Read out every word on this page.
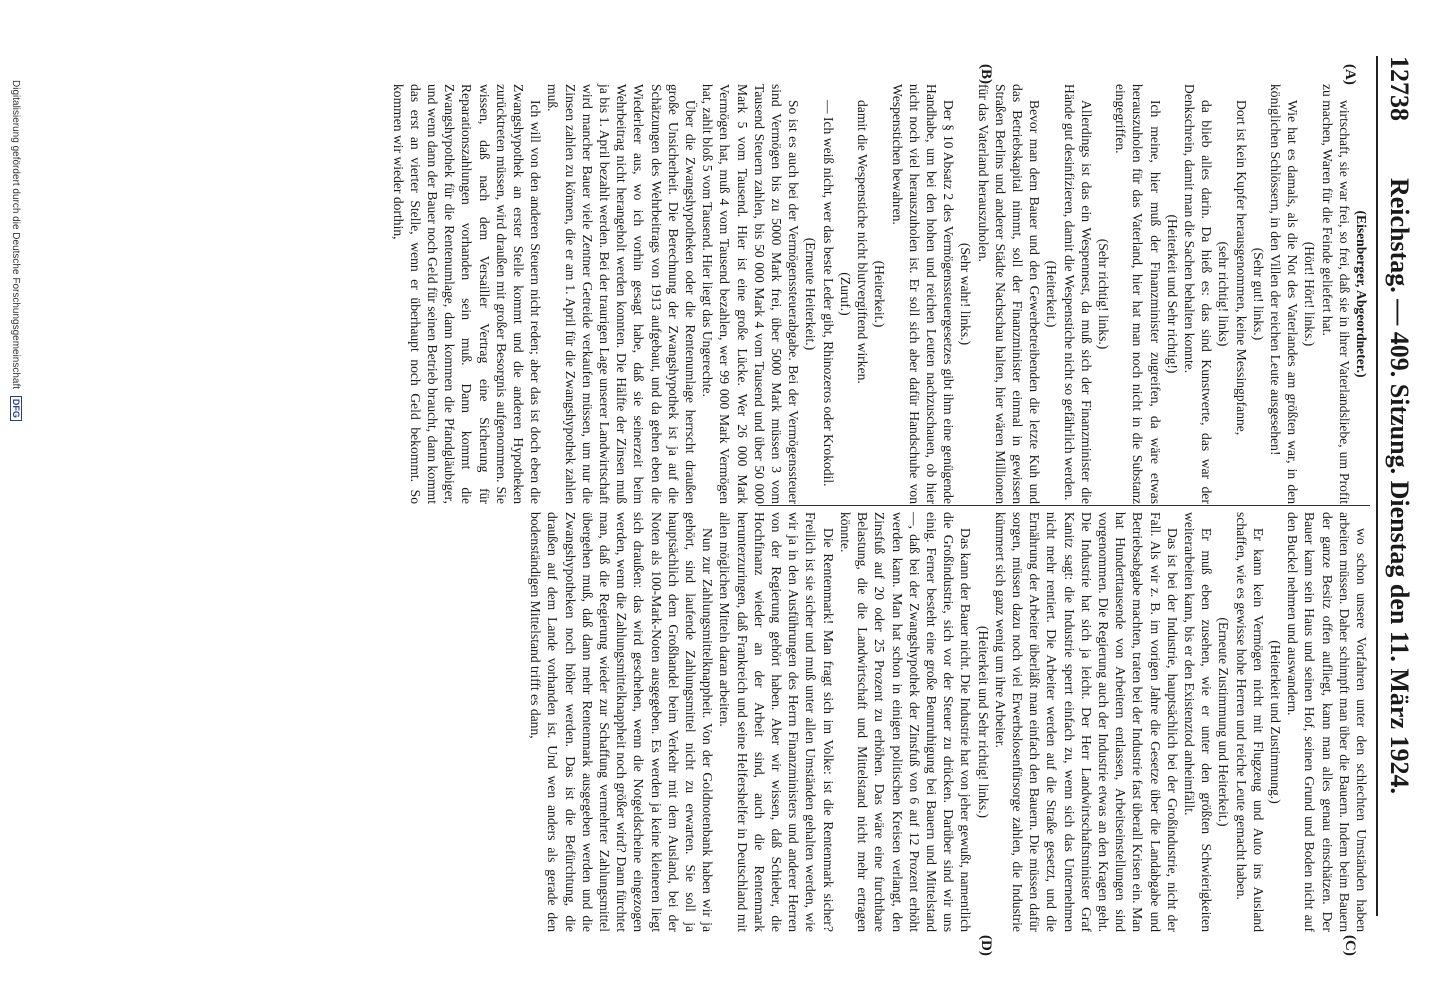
12738
Reichstag. — 409. Sitzung. Dienstag den 11. März 1924.
(A)
(B)
(C)
(D)

(Eisenberger, Abgeordneter.)

wirtschaft, sie war frei, so frei, daß sie in ihrer Vaterlandsliebe, um Profit zu machen, Waren für die Feinde geliefert hat.

(Hört! Hört! links.)

Wie hat es damals, als die Not des Vaterlandes am größten war, in den königlichen Schlössern, in den Villen der reichen Leute ausgesehen!

(Sehr gut! links.)

Dort ist kein Kupfer herausgenommen, keine Messingpfanne,

(sehr richtig! links)

da blieb alles darin. Da hieß es: das sind Kunstwerte, das war der Denkschrein, damit man die Sachen behalten konnte.

(Heiterkeit und Sehr richtig!)

Ich meine, hier muß der Finanzminister zugreifen, da wäre etwas herauszuholen für das Vaterland, hier hat man noch nicht in die Substanz eingegriffen.

(Sehr richtig! links.)

Allerdings ist das ein Wespennest, da muß sich der Finanzminister die Hände gut desinfizieren, damit die Wespenstiche nicht so gefährlich werden.

(Heiterkeit.)

Bevor man dem Bauer und den Gewerbetreibenden die letzte Kuh und das Betriebskapital nimmt, soll der Finanzminister einmal in gewissen Straßen Berlins und anderer Städte Nachschau halten, hier wären Millionen für das Vaterland herauszuholen.

(Sehr wahr! links.)

Der § 10 Absatz 2 des Vermögenssteuergesetzes gibt ihm eine genügende Handhabe, um bei den hohen und reichen Leuten nachzuschauen, ob hier nicht noch viel herauszuholen ist. Er soll sich aber dafür Handschuhe von Wespenstichen bewahren.

(Heiterkeit.)

damit die Wespenstiche nicht blutvergiftend wirken.

(Zuruf.)

— Ich weiß nicht, wer das beste Leder gibt, Rhinozeros oder Krokodil.

(Erneute Heiterkeit.)

So ist es auch bei der Vermögenssteuerabgabe. Bei der Vermögenssteuer sind Vermögen bis zu 5000 Mark frei, über 5000 Mark müssen 3 vom Tausend Steuern zahlen, bis 50 000 Mark 4 vom Tausend und über 50 000 Mark 5 vom Tausend. Hier ist eine große Lücke. Wer 26 000 Mark Vermögen hat, muß 4 vom Tausend bezahlen, wer 99 000 Mark Vermögen hat, zahlt bloß 5 vom Tausend. Hier liegt das Ungerechte.

Über die Zwangshypotheken oder die Rentenumlage herrscht draußen große Unsicherheit. Die Berechnung der Zwangshypothek ist ja auf die Schätzungen des Wehrbeitrags von 1913 aufgebaut, und da gehen eben die Wiederleer aus, wo ich vorhin gesagt habe, daß sie seinerzeit beim Wehrbeitrag nicht herangeholt werden konnten. Die Hälfte der Zinsen muß ja bis 1. April bezahlt werden. Bei der traurigen Lage unserer Landwirtschaft wird mancher Bauer viele Zentner Getreide verkaufen müssen, um nur die Zinsen zahlen zu können, die er am 1. April für die Zwangshypothek zahlen muß.

Ich will von den anderen Steuern nicht reden; aber das ist doch eben die Zwangshypothek an erster Stelle kommt und die anderen Hypotheken zurücktreten müssen, wird draußen mit großer Besorgnis aufgenommen. Sie wissen, daß nach dem Versailler Vertrag eine Sicherung für Reparationszahlungen vorhanden sein muß. Dann kommt die Zwangshypothek für die Rentenumlage, dann kommen die Pfandgläubiger, und wenn dann der Bauer noch Geld für seinen Betrieb braucht, dann kommt das erst an vierter Stelle, wenn er überhaupt noch Geld bekommt. So kommen wir wieder dorthin,

wo schon unsere Vorfahren unter den schlechten Umständen haben arbeiten müssen. Daher schimpft man über die Bauern. Indem beim Bauern der ganze Besitz offen aufliegt, kann man alles genau einschätzen. Der Bauer kann sein Haus und seinen Hof, seinen Grund und Boden nicht auf den Buckel nehmen und auswandern.

(Heiterkeit und Zustimmung.)

Er kann kein Vermögen nicht mit Flugzeug und Auto ins Ausland schaffen, wie es gewisse hohe Herren und reiche Leute gemacht haben.

(Erneute Zustimmung und Heiterkeit.)

Er muß eben zusehen, wie er unter den größten Schwierigkeiten weiterarbeiten kann, bis er den Existenztod anheimfällt.

Das ist bei der Industrie, hauptsächlich bei der Großindustrie, nicht der Fall. Als wir z. B. im vorigen Jahre die Gesetze über die Landabgabe und Betriebsabgabe machten, traten bei der Industrie fast überall Krisen ein. Man hat Hunderttausende von Arbeitern entlassen, Arbeitseinstellungen sind vorgenommen. Die Regierung auch der Industrie etwas an den Kragen geht. Die Industrie hat sich ja leicht. Der Herr Landwirtschaftsminister Graf Kanitz sagt: die Industrie sperrt einfach zu, wenn sich das Unternehmen nicht mehr rentiert. Die Arbeiter werden auf die Straße gesetzt, und die Ernährung der Arbeiter überläßt man einfach den Bauern. Die müssen dafür sorgen, müssen dazu noch viel Erwerbslosenfürsorge zahlen, die Industrie kümmert sich ganz wenig um ihre Arbeiter.

(Heiterkeit und Sehr richtig! links.)

Das kann der Bauer nicht. Die Industrie hat von jeher gewußt, namentlich die Großindustrie, sich vor der Steuer zu drücken. Darüber sind wir uns einig. Ferner besteht eine große Beunruhigung bei Bauern und Mittelstand —, daß bei der Zwangshypothek der Zinsfuß von 6 auf 12 Prozent erhöht werden kann. Man hat schon in einigen politischen Kreisen verlangt, den Zinsfuß auf 20 oder 25 Prozent zu erhöhen. Das wäre eine furchtbare Belastung, die die Landwirtschaft und Mittelstand nicht mehr ertragen könnte.

Die Rentenmark! Man fragt sich im Volke: ist die Rentenmark sicher? Freilich ist sie sicher und muß unter allen Umständen gehalten werden, wie wir ja in den Ausführungen des Herrn Finanzministers und anderer Herren von der Regierung gehört haben. Aber wir wissen, daß Schieber, die Hochfinanz wieder an der Arbeit sind, auch die Rentenmark herunterzuringen, daß Frankreich und seine Helfershelfer in Deutschland mit allen möglichen Mitteln daran arbeiten.

Nun zur Zahlungsmittelknappheit. Von der Goldnotenbank haben wir ja gehört, sind laufende Zahlungsmittel nicht zu erwarten. Sie soll ja hauptsächlich dem Großhandel beim Verkehr mit dem Ausland, bei der Noten als 100-Mark-Noten ausgegeben. Es werden ja keine kleineren liegt sich draußen: das wird geschehen, wenn die Notgeldscheine eingezogen werden, wenn die Zahlungsmittelknappheit noch größer wird? Dann fürchtet man, daß die Regierung wieder zur Schaffung vermehrter Zahlungsmittel übergehen muß, daß dann mehr Rentenmark ausgegeben werden und die Zwangshypotheken noch höher werden. Das ist die Befürchtung, die draußen auf dem Lande vorhanden ist. Und wen anders als gerade den bodenständigen Mittelstand trifft es dann,

Digitalisierung gefördert durch die Deutsche Forschungsgemeinschaft DFG
